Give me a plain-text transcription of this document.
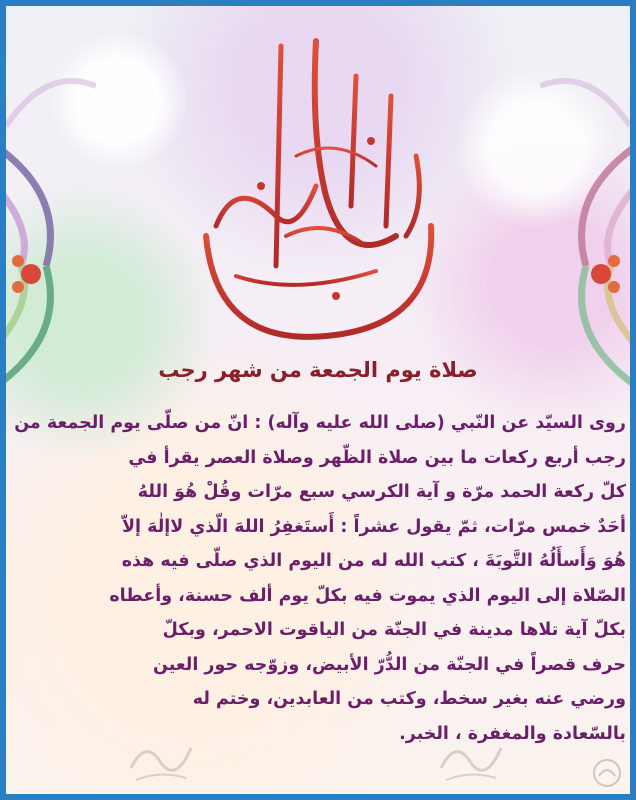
صلاة يوم الجمعة من شهر رجب
روى السيّد عن النّبي (صلى الله عليه وآله) : انّ من صلّى يوم الجمعة من
رجب أربع ركعات ما بين صلاة الظّهر وصلاة العصر يقرأ في
كلّ ركعة الحمد مرّة و آية الكرسي سبع مرّات وقُلْ هُوَ اللهُ
أحَدٌ خمس مرّات، ثمّ يقول عشراً : أَستَغفِرُ اللهَ الّذي لاإلٰهَ إلاّ
هُوَ وَأَسأَلُهُ التَّوبَةَ ، كتب الله له من اليوم الذي صلّى فيه هذه
الصّلاة إلى اليوم الذي يموت فيه بكلّ يوم ألف حسنة، وأعطاه
بكلّ آية تلاها مدينة في الجنّة من الياقوت الاحمر، وبكلّ
حرف قصراً في الجنّة من الدُّرّ الأبيض، وزوّجه حور العين
ورضي عنه بغير سخط، وكتب من العابدين، وختم له
بالسّعادة والمغفرة ، الخبر.
